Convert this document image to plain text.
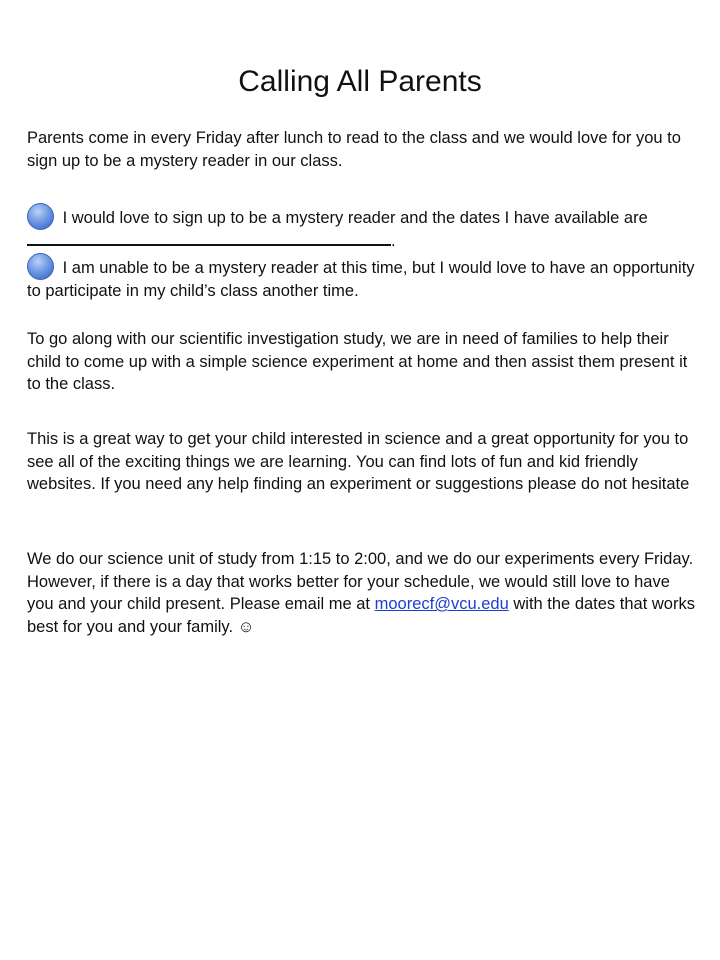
Calling All Parents
Parents come in every Friday after lunch to read to the class and we would love for you to sign up to be a mystery reader in our class.
I would love to sign up to be a mystery reader and the dates I have available are .
I am unable to be a mystery reader at this time, but I would love to have an opportunity to participate in my child’s class another time.
To go along with our scientific investigation study, we are in need of families to help their child to come up with a simple science experiment at home and then assist them present it to the class.
This is a great way to get your child interested in science and a great opportunity for you to see all of the exciting things we are learning. You can find lots of fun and kid friendly websites. If you need any help finding an experiment or suggestions please do not hesitate
We do our science unit of study from 1:15 to 2:00, and we do our experiments every Friday. However, if there is a day that works better for your schedule, we would still love to have you and your child present. Please email me at moorecf@vcu.edu with the dates that works best for you and your family. ☺
